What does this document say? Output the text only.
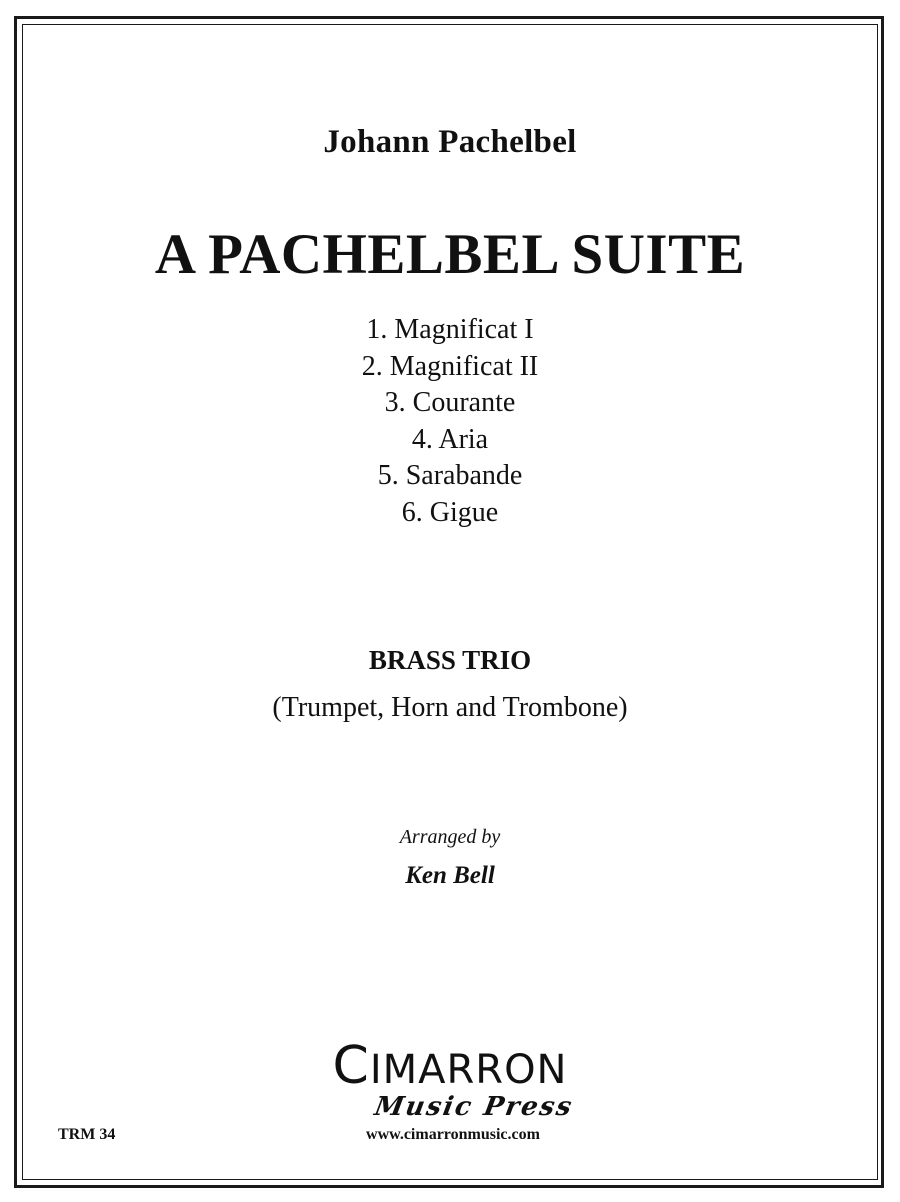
Johann Pachelbel
A PACHELBEL SUITE
1. Magnificat I
2. Magnificat II
3. Courante
4. Aria
5. Sarabande
6. Gigue
BRASS TRIO
(Trumpet, Horn and Trombone)
Arranged by
Ken Bell
CIMARRON
Music Press
TRM 34	www.cimarronmusic.com
